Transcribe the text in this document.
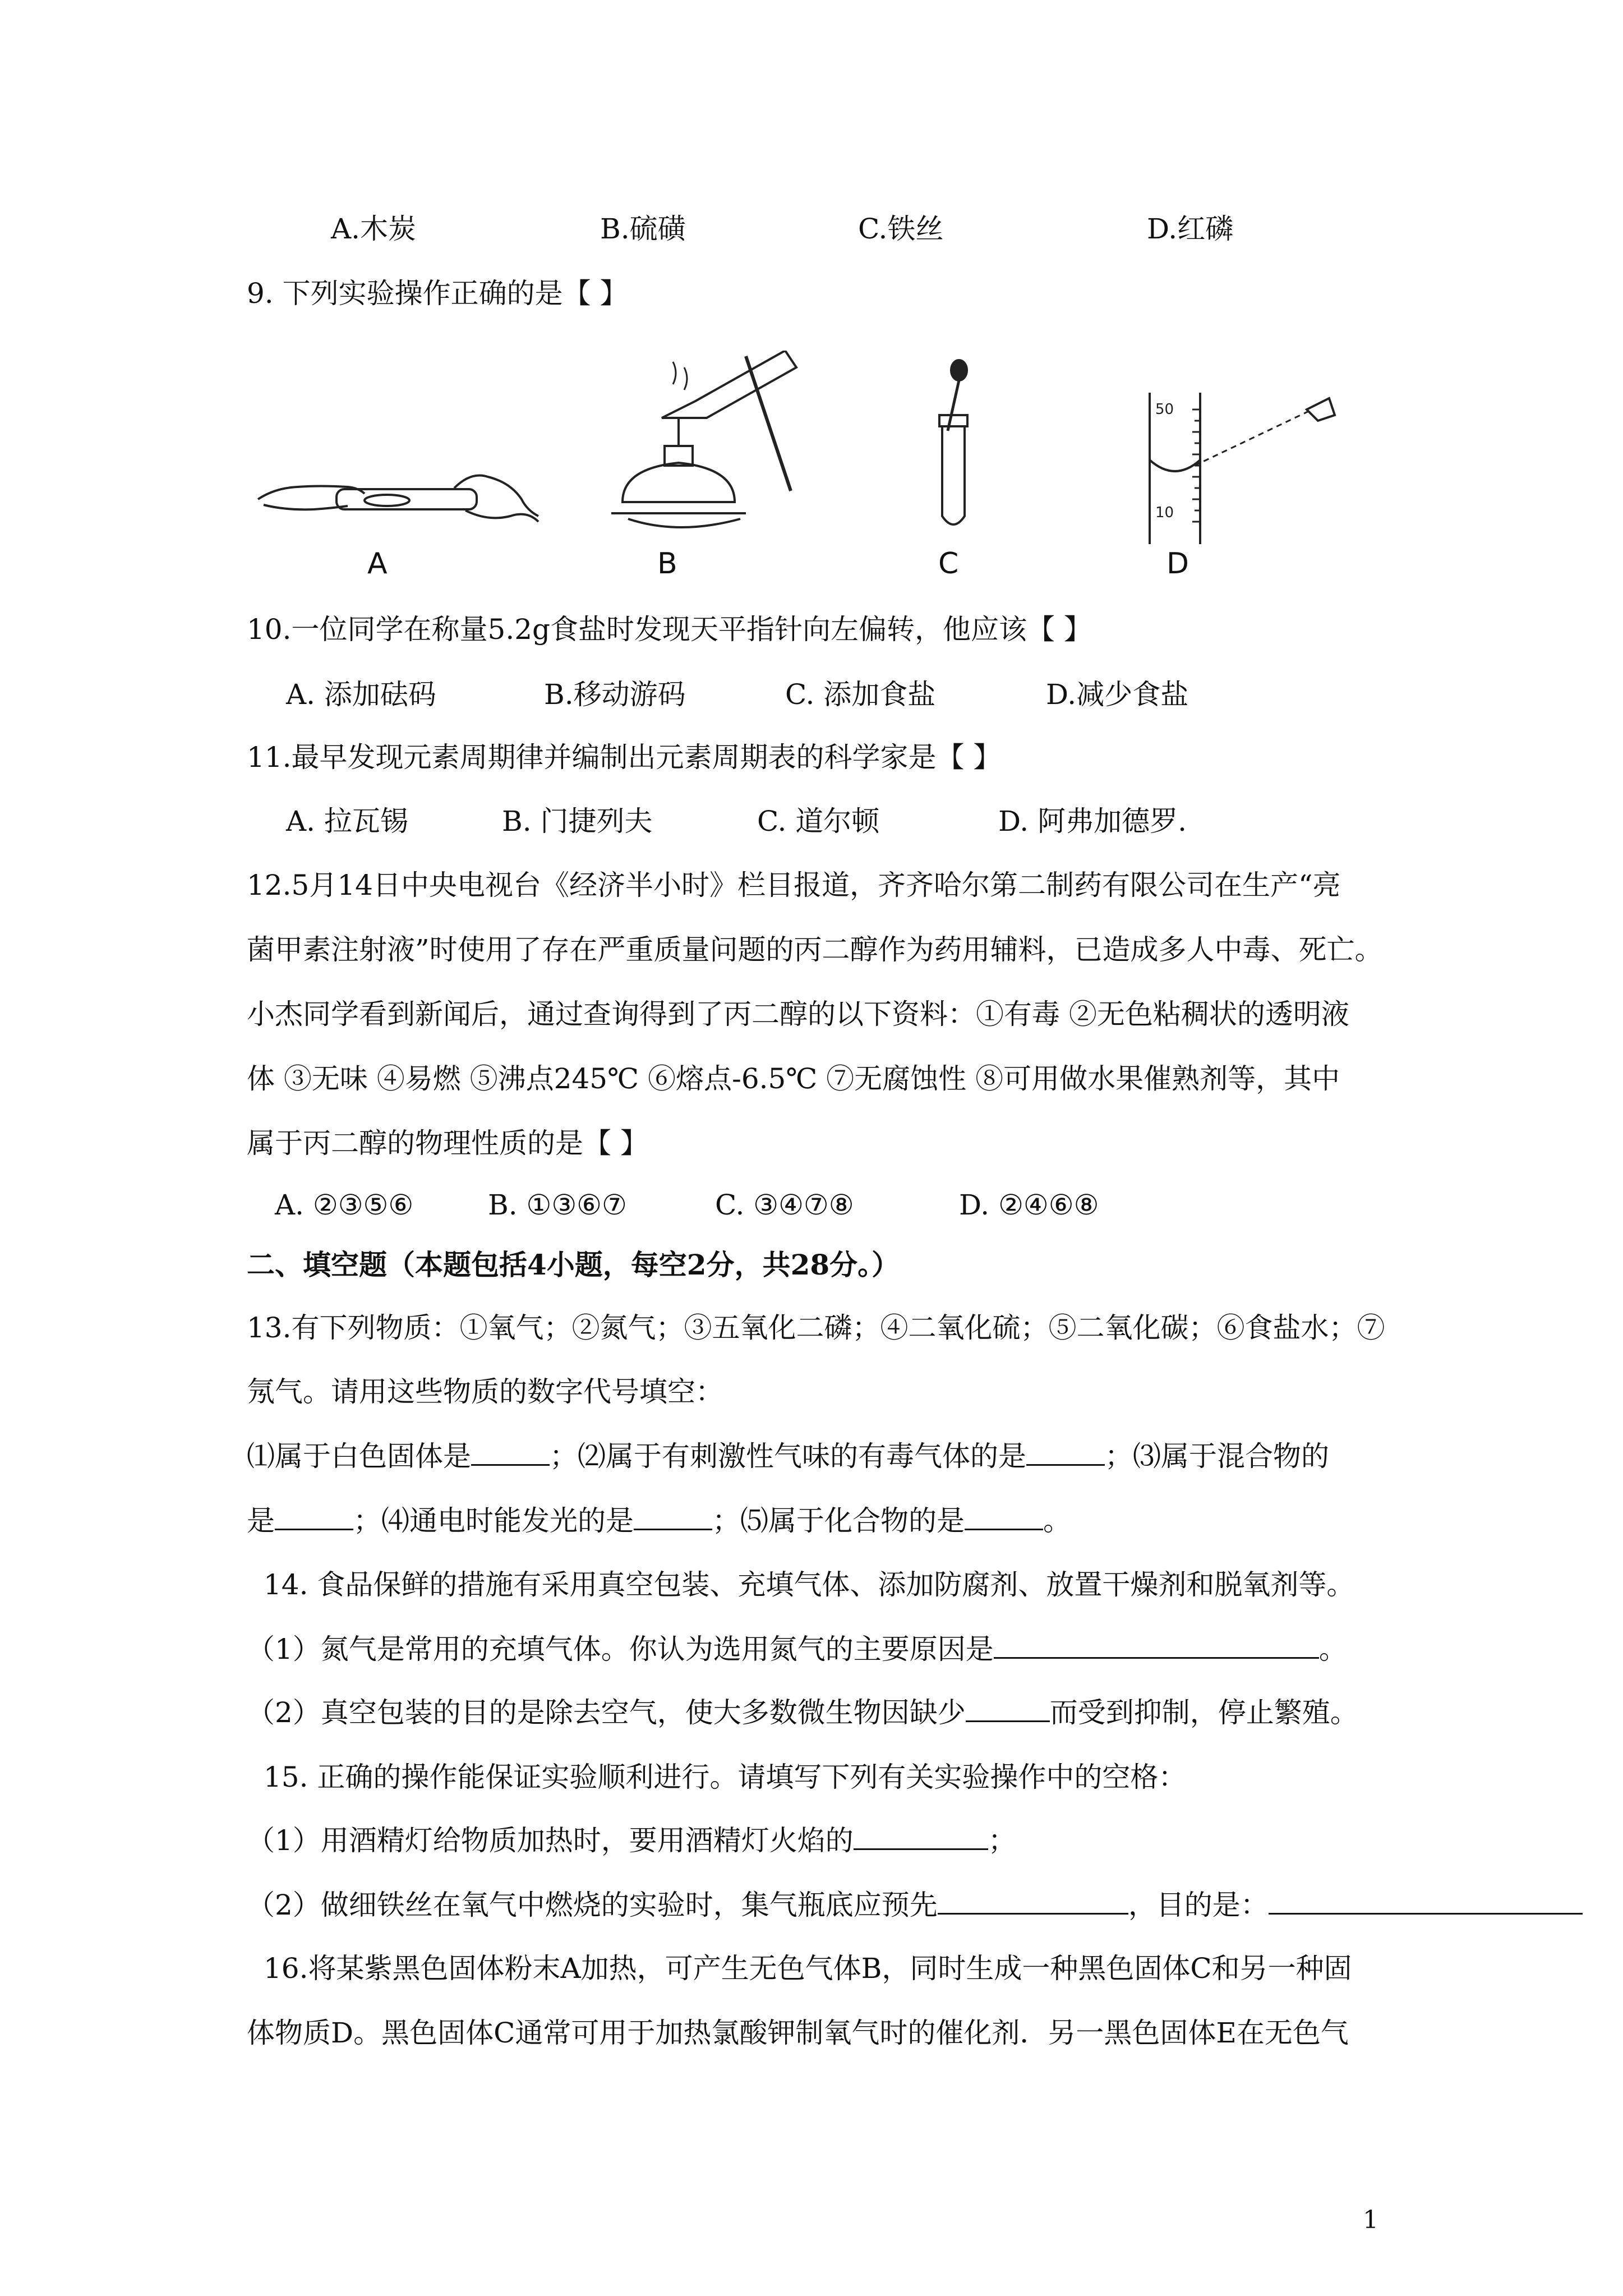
A.木炭	B.硫磺	C.铁丝	D.红磷
9. 下列实验操作正确的是【 】
A	B	C
50
10
D
10.一位同学在称量5.2g食盐时发现天平指针向左偏转，他应该【 】
A. 添加砝码	B.移动游码	C. 添加食盐	D.减少食盐
11.最早发现元素周期律并编制出元素周期表的科学家是【 】
A. 拉瓦锡	B. 门捷列夫	C. 道尔顿	D. 阿弗加德罗.
12.5月14日中央电视台《经济半小时》栏目报道，齐齐哈尔第二制药有限公司在生产“亮
菌甲素注射液”时使用了存在严重质量问题的丙二醇作为药用辅料，已造成多人中毒、死亡。
小杰同学看到新闻后，通过查询得到了丙二醇的以下资料：①有毒 ②无色粘稠状的透明液
体 ③无味 ④易燃 ⑤沸点245℃ ⑥熔点-6.5℃ ⑦无腐蚀性 ⑧可用做水果催熟剂等，其中
属于丙二醇的物理性质的是【 】
A. ②③⑤⑥	B. ①③⑥⑦	C. ③④⑦⑧	D. ②④⑥⑧
二、填空题（本题包括4小题，每空2分，共28分。）
13.有下列物质：①氧气；②氮气；③五氧化二磷；④二氧化硫；⑤二氧化碳；⑥食盐水；⑦
氖气。请用这些物质的数字代号填空：
⑴属于白色固体是	；⑵属于有刺激性气味的有毒气体的是	；⑶属于混合物的
是	；⑷通电时能发光的是	；⑸属于化合物的是	。
14. 食品保鲜的措施有采用真空包装、充填气体、添加防腐剂、放置干燥剂和脱氧剂等。
（1）氮气是常用的充填气体。你认为选用氮气的主要原因是	。
（2）真空包装的目的是除去空气，使大多数微生物因缺少	而受到抑制，停止繁殖。
15. 正确的操作能保证实验顺利进行。请填写下列有关实验操作中的空格：
（1）用酒精灯给物质加热时，要用酒精灯火焰的	；
（2）做细铁丝在氧气中燃烧的实验时，集气瓶底应预先	，目的是：
16.将某紫黑色固体粉末A加热，可产生无色气体B，同时生成一种黑色固体C和另一种固
体物质D。黑色固体C通常可用于加热氯酸钾制氧气时的催化剂．另一黑色固体E在无色气
1
